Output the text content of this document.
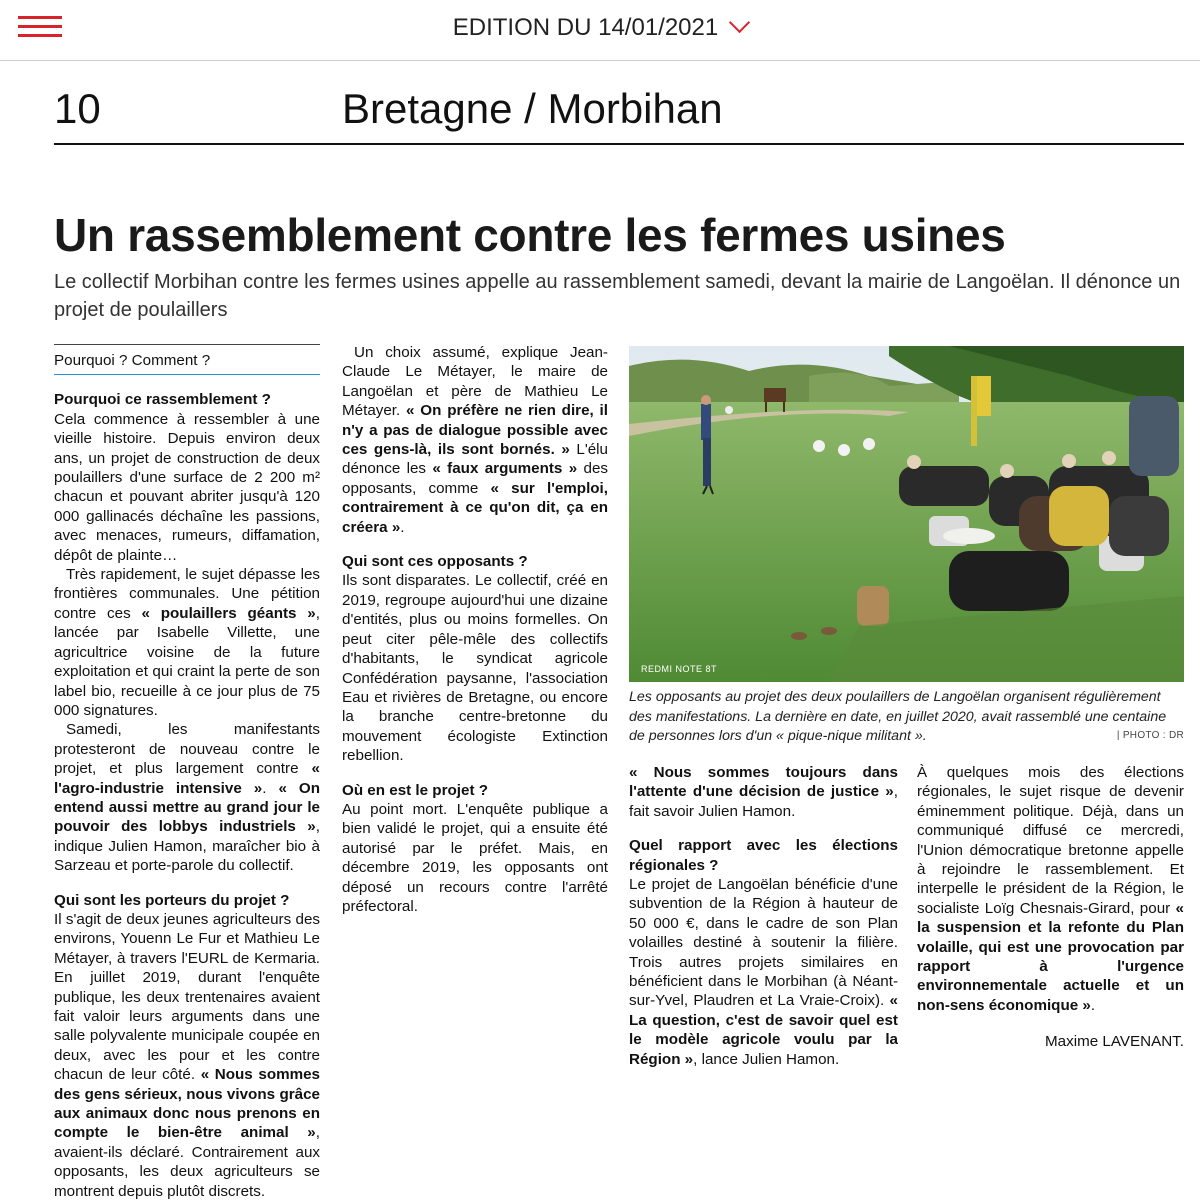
EDITION DU 14/01/2021
10	Bretagne / Morbihan
Un rassemblement contre les fermes usines
Le collectif Morbihan contre les fermes usines appelle au rassemblement samedi, devant la mairie de Langoëlan. Il dénonce un projet de poulaillers
Pourquoi ? Comment ?
Pourquoi ce rassemblement ?

Cela commence à ressembler à une vieille histoire. Depuis environ deux ans, un projet de construction de deux poulaillers d'une surface de 2 200 m² chacun et pouvant abriter jusqu'à 120 000 gallinacés déchaîne les passions, avec menaces, rumeurs, diffamation, dépôt de plainte…

Très rapidement, le sujet dépasse les frontières communales. Une pétition contre ces « poulaillers géants », lancée par Isabelle Villette, une agricultrice voisine de la future exploitation et qui craint la perte de son label bio, recueille à ce jour plus de 75 000 signatures.

Samedi, les manifestants protesteront de nouveau contre le projet, et plus largement contre « l'agro-industrie intensive ». « On entend aussi mettre au grand jour le pouvoir des lobbys industriels », indique Julien Hamon, maraîcher bio à Sarzeau et porte-parole du collectif.

Qui sont les porteurs du projet ?

Il s'agit de deux jeunes agriculteurs des environs, Youenn Le Fur et Mathieu Le Métayer, à travers l'EURL de Kermaria. En juillet 2019, durant l'enquête publique, les deux trentenaires avaient fait valoir leurs arguments dans une salle polyvalente municipale coupée en deux, avec les pour et les contre chacun de leur côté. « Nous sommes des gens sérieux, nous vivons grâce aux animaux donc nous prenons en compte le bien-être animal », avaient-ils déclaré. Contrairement aux opposants, les deux agriculteurs se montrent depuis plutôt discrets.

Un choix assumé, explique Jean-Claude Le Métayer, le maire de Langoëlan et père de Mathieu Le Métayer. « On préfère ne rien dire, il n'y a pas de dialogue possible avec ces gens-là, ils sont bornés. » L'élu dénonce les « faux arguments » des opposants, comme « sur l'emploi, contrairement à ce qu'on dit, ça en créera ».

Qui sont ces opposants ?

Ils sont disparates. Le collectif, créé en 2019, regroupe aujourd'hui une dizaine d'entités, plus ou moins formelles. On peut citer pêle-mêle des collectifs d'habitants, le syndicat agricole Confédération paysanne, l'association Eau et rivières de Bretagne, ou encore la branche centre-bretonne du mouvement écologiste Extinction rebellion.

Où en est le projet ?

Au point mort. L'enquête publique a bien validé le projet, qui a ensuite été autorisé par le préfet. Mais, en décembre 2019, les opposants ont déposé un recours contre l'arrêté préfectoral.

REDMI NOTE 8T
Les opposants au projet des deux poulaillers de Langoëlan organisent régulièrement des manifestations. La dernière en date, en juillet 2020, avait rassemblé une centaine de personnes lors d'un « pique-nique militant ».	| PHOTO : DR

« Nous sommes toujours dans l'attente d'une décision de justice », fait savoir Julien Hamon.

Quel rapport avec les élections régionales ?

Le projet de Langoëlan bénéficie d'une subvention de la Région à hauteur de 50 000 €, dans le cadre de son Plan volailles destiné à soutenir la filière. Trois autres projets similaires en bénéficient dans le Morbihan (à Néant-sur-Yvel, Plaudren et La Vraie-Croix). « La question, c'est de savoir quel est le modèle agricole voulu par la Région », lance Julien Hamon.

À quelques mois des élections régionales, le sujet risque de devenir éminemment politique. Déjà, dans un communiqué diffusé ce mercredi, l'Union démocratique bretonne appelle à rejoindre le rassemblement. Et interpelle le président de la Région, le socialiste Loïg Chesnais-Girard, pour « la suspension et la refonte du Plan volaille, qui est une provocation par rapport à l'urgence environnementale actuelle et un non-sens économique ».

Maxime LAVENANT.
